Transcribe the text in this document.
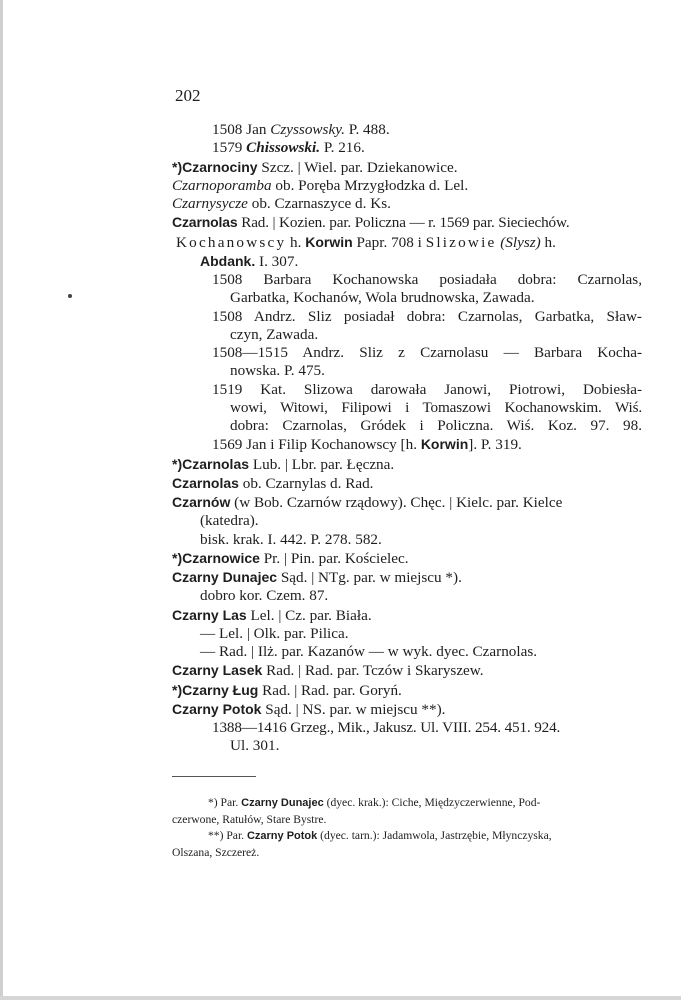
202
1508 Jan Czyssowsky. P. 488.
1579 Chissowski. P. 216.
*)Czarnociny Szcz. | Wiel. par. Dziekanowice.
Czarnoporamba ob. Poręba Mrzygłodzka d. Lel.
Czarnysycze ob. Czarnaszyce d. Ks.
Czarnolas Rad. | Kozien. par. Policzna — r. 1569 par. Sieciechów.
Kochanowscy h. Korwin Papr. 708 i Slizowie (Slysz) h.
Abdank. I. 307.
1508 Barbara Kochanowska posiadała dobra: Czarnolas,
Garbatka, Kochanów, Wola brudnowska, Zawada.
1508 Andrz. Sliz posiadał dobra: Czarnolas, Garbatka, Sław-
czyn, Zawada.
1508—1515 Andrz. Sliz z Czarnolasu — Barbara Kocha-
nowska. P. 475.
1519 Kat. Slizowa darowała Janowi, Piotrowi, Dobiesła-
wowi, Witowi, Filipowi i Tomaszowi Kochanowskim. Wiś.
dobra: Czarnolas, Gródek i Policzna. Wiś. Koz. 97. 98.
1569 Jan i Filip Kochanowscy [h. Korwin]. P. 319.
*)Czarnolas Lub. | Lbr. par. Łęczna.
Czarnolas ob. Czarnylas d. Rad.
Czarnów (w Bob. Czarnów rządowy). Chęc. | Kielc. par. Kielce
(katedra).
bisk. krak. I. 442. P. 278. 582.
*)Czarnowice Pr. | Pin. par. Kościelec.
Czarny Dunajec Sąd. | NTg. par. w miejscu *).
dobro kor. Czem. 87.
Czarny Las Lel. | Cz. par. Biała.
— Lel. | Olk. par. Pilica.
— Rad. | Ilż. par. Kazanów — w wyk. dyec. Czarnolas.
Czarny Lasek Rad. | Rad. par. Tczów i Skaryszew.
*)Czarny Ług Rad. | Rad. par. Goryń.
Czarny Potok Sąd. | NS. par. w miejscu **).
1388—1416 Grzeg., Mik., Jakusz. Ul. VIII. 254. 451. 924.
Ul. 301.
*) Par. Czarny Dunajec (dyec. krak.): Ciche, Międzyczerwienne, Pod-
czerwone, Ratułów, Stare Bystre.
**) Par. Czarny Potok (dyec. tarn.): Jadamwola, Jastrzębie, Młynczyska,
Olszana, Szczereż.
